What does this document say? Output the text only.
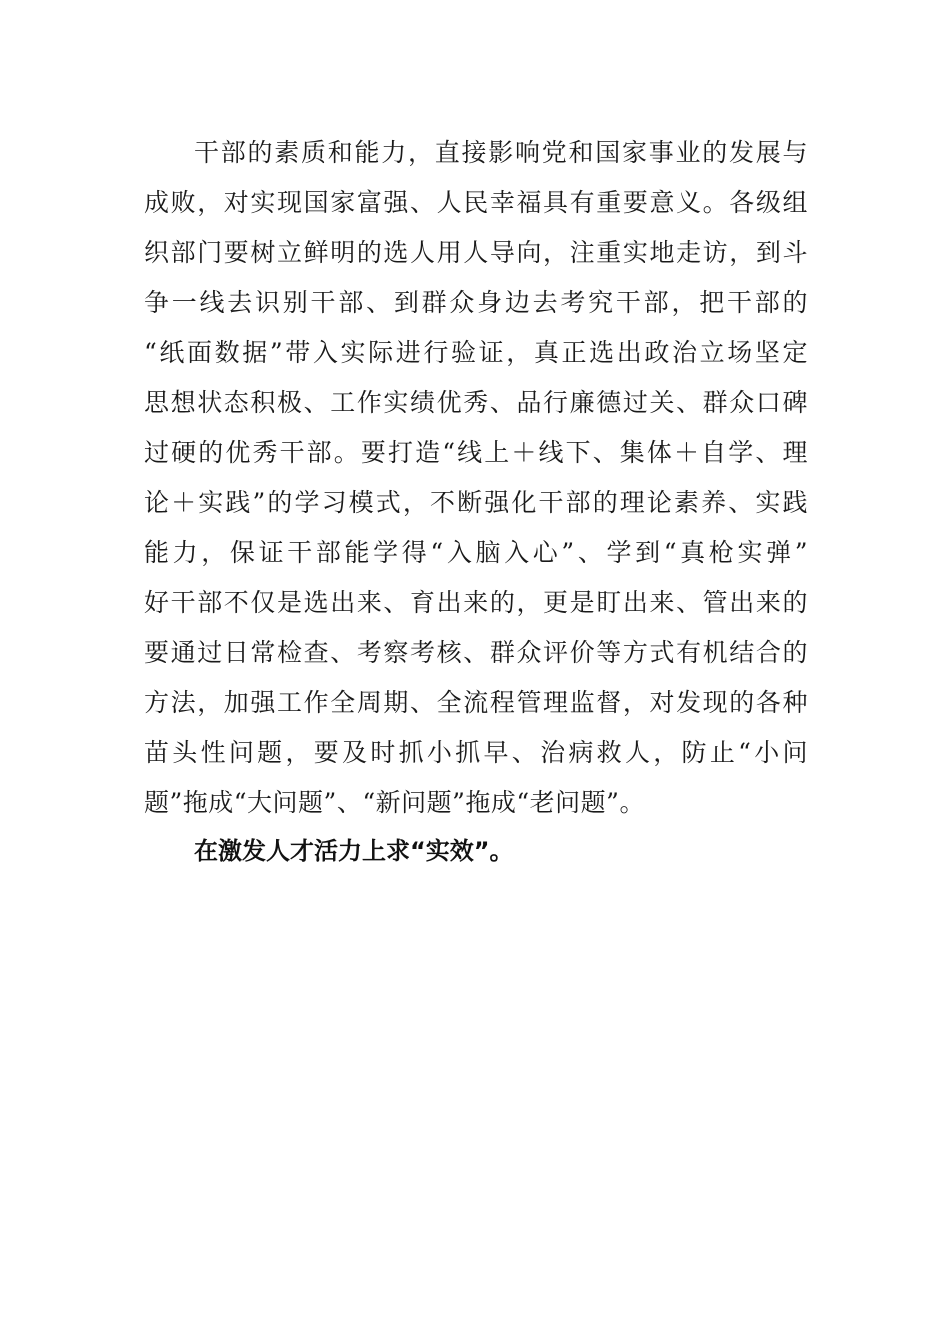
干部的素质和能力，直接影响党和国家事业的发展与
成败，对实现国家富强、人民幸福具有重要意义。各级组
织部门要树立鲜明的选人用人导向，注重实地走访，到斗
争一线去识别干部、到群众身边去考究干部，把干部的
“纸面数据”带入实际进行验证，真正选出政治立场坚定
思想状态积极、工作实绩优秀、品行廉德过关、群众口碑
过硬的优秀干部。要打造“线上＋线下、集体＋自学、理
论＋实践”的学习模式，不断强化干部的理论素养、实践
能力，保证干部能学得“入脑入心”、学到“真枪实弹”
好干部不仅是选出来、育出来的，更是盯出来、管出来的
要通过日常检查、考察考核、群众评价等方式有机结合的
方法，加强工作全周期、全流程管理监督，对发现的各种
苗头性问题，要及时抓小抓早、治病救人，防止“小问
题”拖成“大问题”、“新问题”拖成“老问题”。
在激发人才活力上求“实效”。
